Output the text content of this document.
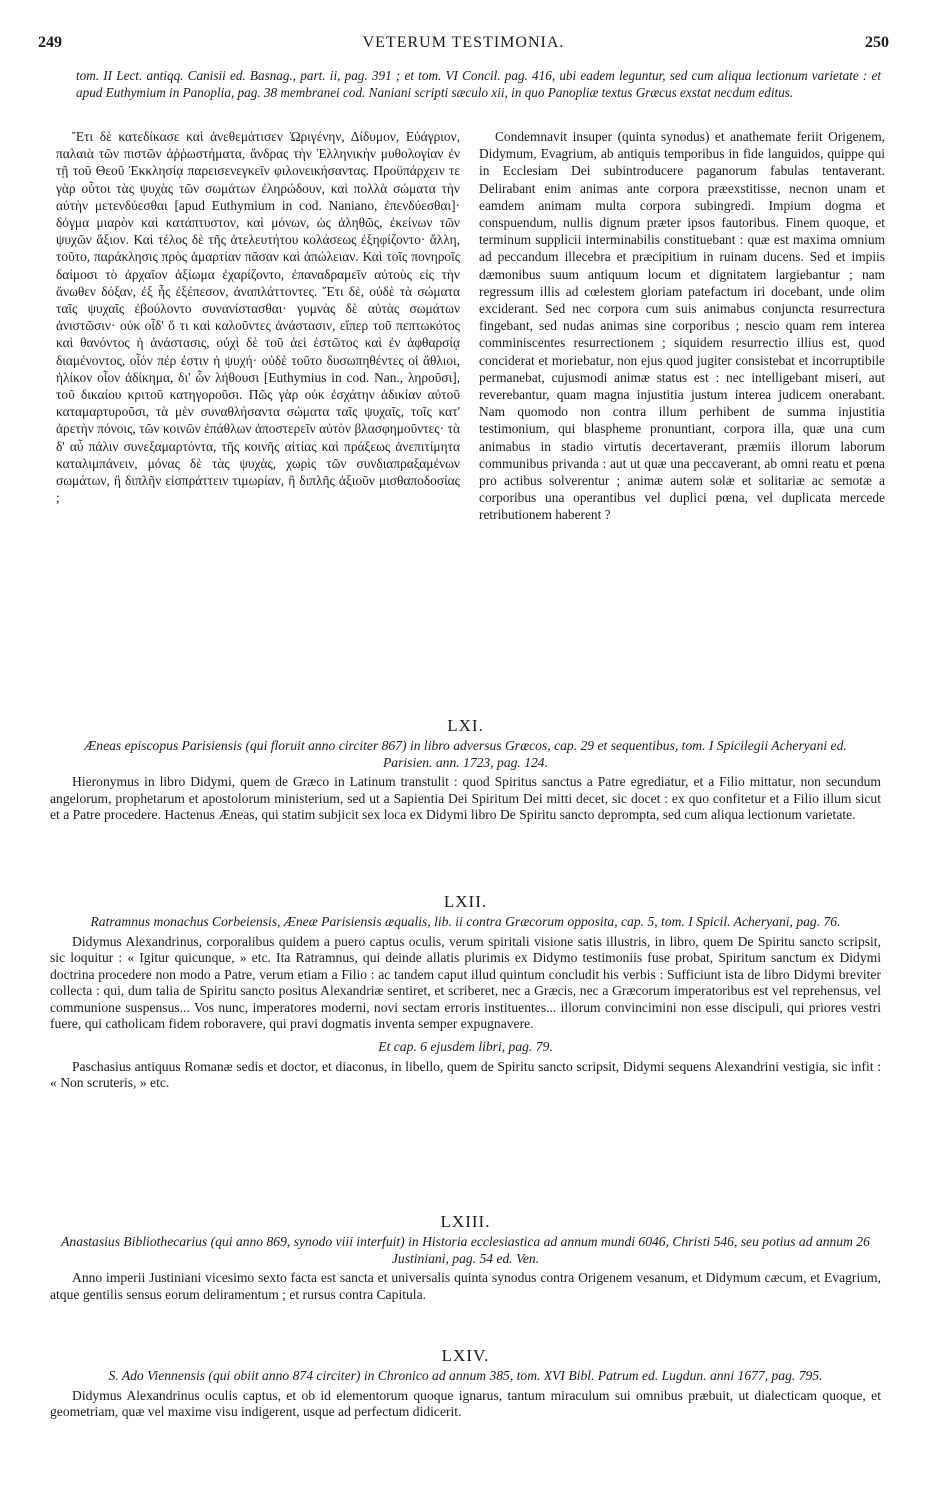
249	VETERUM TESTIMONIA.	250
tom. II Lect. antiqq. Canisii ed. Basnag., part. ii, pag. 391 ; et tom. VI Concil. pag. 416, ubi eadem leguntur, sed cum aliqua lectionum varietate : et apud Euthymium in Panoplia, pag. 38 membranei cod. Naniani scripti sæculo xii, in quo Panopliæ textus Græcus exstat necdum editus.

Ἔτι δὲ κατεδίκασε καὶ ἀνεθεμάτισεν Ὠριγένην, Δίδυμον, Εὐάγριον, παλαιὰ τῶν πιστῶν ἀῤῥωστήματα, ἄνδρας τὴν Ἑλληνικὴν μυθολογίαν ἐν τῇ τοῦ Θεοῦ Ἐκκλησίᾳ παρεισενεγκεῖν φιλονεικήσαντας. Προϋπάρχειν τε γὰρ οὗτοι τὰς ψυχὰς τῶν σωμάτων ἐληρώδουν, καὶ πολλὰ σώματα τὴν αὐτὴν μετενδύεσθαι [apud Euthymium in cod. Naniano, ἐπενδύεσθαι]· δόγμα μιαρὸν καὶ κατάπτυστον, καὶ μόνων, ὡς ἀληθῶς, ἐκείνων τῶν ψυχῶν ἄξιον. Καὶ τέλος δὲ τῆς ἀτελευτήτου κολάσεως ἐξηφίζοντο· ἄλλη, τοῦτο, παράκλησις πρὸς ἁμαρτίαν πᾶσαν καὶ ἀπώλειαν. Καὶ τοῖς πονηροῖς δαίμοσι τὸ ἀρχαῖον ἀξίωμα ἐχαρίζοντο, ἐπαναδραμεῖν αὐτοὺς εἰς τὴν ἄνωθεν δόξαν, ἐξ ἧς ἐξέπεσον, ἀναπλάττοντες. Ἔτι δὲ, οὐδὲ τὰ σώματα ταῖς ψυχαῖς ἐβούλοντο συνανίστασθαι· γυμνὰς δὲ αὐτὰς σωμάτων ἀνιστῶσιν· οὐκ οἶδ' ὅ τι καὶ καλοῦντες ἀνάστασιν, εἴπερ τοῦ πεπτωκότος καὶ θανόντος ἡ ἀνάστασις, οὐχὶ δὲ τοῦ ἀεὶ ἑστῶτος καὶ ἐν ἀφθαρσίᾳ διαμένοντος, οἷόν πέρ ἐστιν ἡ ψυχή· οὐδὲ τοῦτο δυσωπηθέντες οἱ ἄθλιοι, ἡλίκον οἷον ἀδίκημα, δι' ὧν λήθουσι [Euthymius in cod. Nan., ληροῦσι], τοῦ δικαίου κριτοῦ κατηγοροῦσι. Πῶς γὰρ οὐκ ἐσχάτην ἀδικίαν αὐτοῦ καταμαρτυροῦσι, τὰ μὲν συναθλήσαντα σώματα ταῖς ψυχαῖς, τοῖς κατ' ἀρετὴν πόνοις, τῶν κοινῶν ἐπάθλων ἀποστερεῖν αὐτὸν βλασφημοῦντες· τὰ δ' αὖ πάλιν συνεξαμαρτόντα, τῆς κοινῆς αἰτίας καὶ πράξεως ἀνεπιτίμητα καταλιμπάνειν, μόνας δὲ τὰς ψυχὰς, χωρὶς τῶν συνδιαπραξαμένων σωμάτων, ἢ διπλῆν εἰσπράττειν τιμωρίαν, ἢ διπλῆς ἀξιοῦν μισθαποδοσίας ;

Condemnavit insuper (quinta synodus) et anathemate feriit Origenem, Didymum, Evagrium, ab antiquis temporibus in fide languidos, quippe qui in Ecclesiam Dei subintroducere paganorum fabulas tentaverant. Delirabant enim animas ante corpora præexstitisse, necnon unam et eamdem animam multa corpora subingredi. Impium dogma et conspuendum, nullis dignum præter ipsos fautoribus. Finem quoque, et terminum supplicii interminabilis constituebant : quæ est maxima omnium ad peccandum illecebra et præcipitium in ruinam ducens. Sed et impiis dæmonibus suum antiquum locum et dignitatem largiebantur ; nam regressum illis ad cœlestem gloriam patefactum iri docebant, unde olim exciderant. Sed nec corpora cum suis animabus conjuncta resurrectura fingebant, sed nudas animas sine corporibus ; nescio quam rem interea comminiscentes resurrectionem ; siquidem resurrectio illius est, quod conciderat et moriebatur, non ejus quod jugiter consistebat et incorruptibile permanebat, cujusmodi animæ status est : nec intelligebant miseri, aut reverebantur, quam magna injustitia justum interea judicem onerabant. Nam quomodo non contra illum perhibent de summa injustitia testimonium, qui blaspheme pronuntiant, corpora illa, quæ una cum animabus in stadio virtutis decertaverant, præmiis illorum laborum communibus privanda : aut ut quæ una peccaverant, ab omni reatu et pœna pro actibus solverentur ; animæ autem solæ et solitariæ ac semotæ a corporibus una operantibus vel duplici pœna, vel duplicata mercede retributionem haberent ?

LXI.
Æneas episcopus Parisiensis (qui floruit anno circiter 867) in libro adversus Græcos, cap. 29 et sequentibus, tom. I Spicilegii Acheryani ed. Parisien. ann. 1723, pag. 124.

Hieronymus in libro Didymi, quem de Græco in Latinum transtulit : quod Spiritus sanctus a Patre egrediatur, et a Filio mittatur, non secundum angelorum, prophetarum et apostolorum ministerium, sed ut a Sapientia Dei Spiritum Dei mitti decet, sic docet : ex quo confitetur et a Filio illum sicut et a Patre procedere. Hactenus Æneas, qui statim subjicit sex loca ex Didymi libro De Spiritu sancto deprompta, sed cum aliqua lectionum varietate.

LXII.
Ratramnus monachus Corbeiensis, Æneæ Parisiensis æqualis, lib. ii contra Græcorum opposita, cap. 5, tom. I Spicil. Acheryani, pag. 76.

Didymus Alexandrinus, corporalibus quidem a puero captus oculis, verum spiritali visione satis illustris, in libro, quem De Spiritu sancto scripsit, sic loquitur : « Igitur quicunque, » etc. Ita Ratramnus, qui deinde allatis plurimis ex Didymo testimoniis fuse probat, Spiritum sanctum ex Didymi doctrina procedere non modo a Patre, verum etiam a Filio : ac tandem caput illud quintum concludit his verbis : Sufficiunt ista de libro Didymi breviter collecta : qui, dum talia de Spiritu sancto positus Alexandriæ sentiret, et scriberet, nec a Græcis, nec a Græcorum imperatoribus est vel reprehensus, vel communione suspensus... Vos nunc, imperatores moderni, novi sectam erroris instituentes... illorum convincimini non esse discipuli, qui priores vestri fuere, qui catholicam fidem roboravere, qui pravi dogmatis inventa semper expugnavere.

Et cap. 6 ejusdem libri, pag. 79.

Paschasius antiquus Romanæ sedis et doctor, et diaconus, in libello, quem de Spiritu sancto scripsit, Didymi sequens Alexandrini vestigia, sic infit : « Non scruteris, » etc.

LXIII.
Anastasius Bibliothecarius (qui anno 869, synodo viii interfuit) in Historia ecclesiastica ad annum mundi 6046, Christi 546, seu potius ad annum 26 Justiniani, pag. 54 ed. Ven.

Anno imperii Justiniani vicesimo sexto facta est sancta et universalis quinta synodus contra Origenem vesanum, et Didymum cæcum, et Evagrium, atque gentilis sensus eorum deliramentum ; et rursus contra Capitula.

LXIV.
S. Ado Viennensis (qui obiit anno 874 circiter) in Chronico ad annum 385, tom. XVI Bibl. Patrum ed. Lugdun. anni 1677, pag. 795.

Didymus Alexandrinus oculis captus, et ob id elementorum quoque ignarus, tantum miraculum sui omnibus præbuit, ut dialecticam quoque, et geometriam, quæ vel maxime visu indigerent, usque ad perfectum didicerit.
